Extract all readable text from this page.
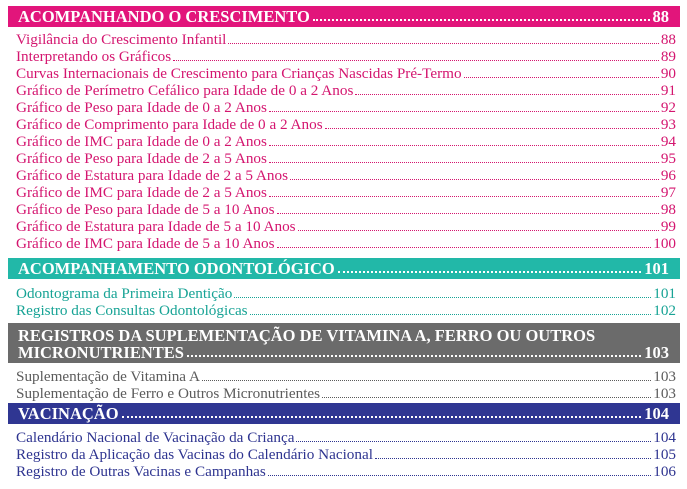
ACOMPANHANDO O CRESCIMENTO	88
Vigilância do Crescimento Infantil	88
Interpretando os Gráficos	89
Curvas Internacionais de Crescimento para Crianças Nascidas Pré-Termo	90
Gráfico de Perímetro Cefálico para Idade de 0 a 2 Anos	91
Gráfico de Peso para Idade de 0 a 2 Anos	92
Gráfico de Comprimento para Idade de 0 a 2 Anos	93
Gráfico de IMC para Idade de 0 a 2 Anos	94
Gráfico de Peso para Idade de 2 a 5 Anos	95
Gráfico de Estatura para Idade de 2 a 5 Anos	96
Gráfico de IMC para Idade de 2 a 5 Anos	97
Gráfico de Peso para Idade de 5 a 10 Anos	98
Gráfico de Estatura para Idade de 5 a 10 Anos	99
Gráfico de IMC para Idade de 5 a 10 Anos	100
ACOMPANHAMENTO ODONTOLÓGICO	101
Odontograma da Primeira Dentição	101
Registro das Consultas Odontológicas	102
REGISTROS DA SUPLEMENTAÇÃO DE VITAMINA A, FERRO OU OUTROS
MICRONUTRIENTES	103
Suplementação de Vitamina A	103
Suplementação de Ferro e Outros Micronutrientes	103
VACINAÇÃO	104
Calendário Nacional de Vacinação da Criança	104
Registro da Aplicação das Vacinas do Calendário Nacional	105
Registro de Outras Vacinas e Campanhas	106
